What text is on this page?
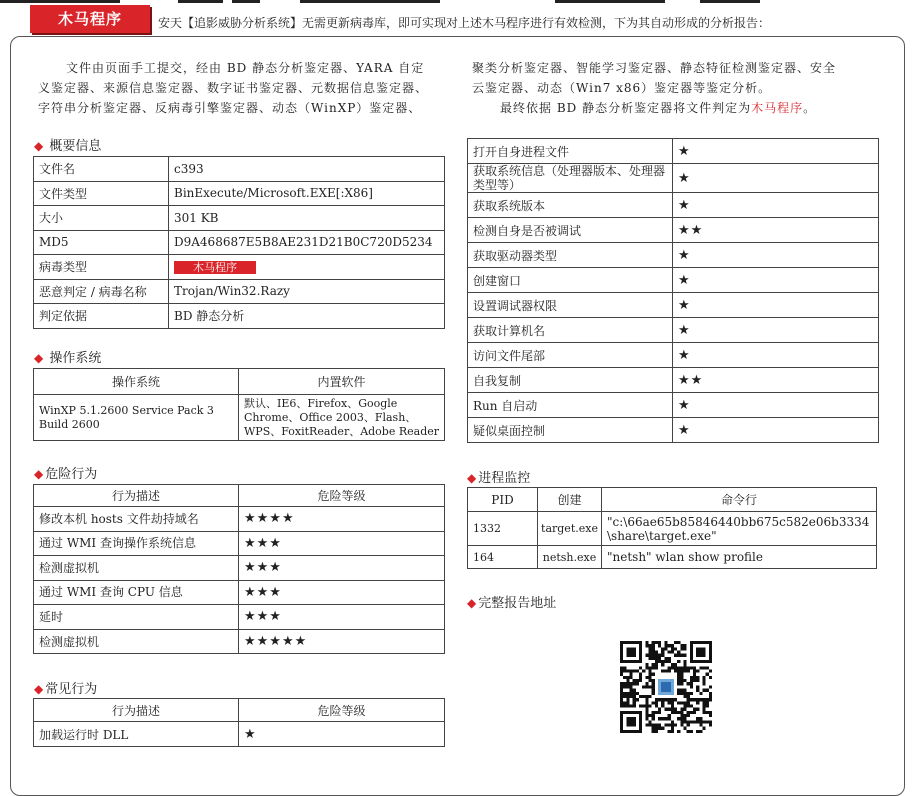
木马程序	安天【追影威胁分析系统】无需更新病毒库，即可实现对上述木马程序进行有效检测，下为其自动形成的分析报告：

文件由页面手工提交，经由 BD 静态分析鉴定器、YARA 自定

义鉴定器、来源信息鉴定器、数字证书鉴定器、元数据信息鉴定器、

字符串分析鉴定器、反病毒引擎鉴定器、动态（WinXP）鉴定器、

聚类分析鉴定器、智能学习鉴定器、静态特征检测鉴定器、安全

云鉴定器、动态（Win7 x86）鉴定器等鉴定分析。

最终依据 BD 静态分析鉴定器将文件判定为木马程序。

◆ 概要信息
文件名	c393
文件类型	BinExecute/Microsoft.EXE[:X86]
大小	301 KB
MD5	D9A468687E5B8AE231D21B0C720D5234
病毒类型	木马程序
恶意判定 / 病毒名称	Trojan/Win32.Razy
判定依据	BD 静态分析
◆ 操作系统
操作系统	内置软件
WinXP 5.1.2600 Service Pack 3 Build 2600	默认、IE6、Firefox、Google Chrome、Office 2003、Flash、WPS、FoxitReader、Adobe Reader
◆ 危险行为
行为描述	危险等级
修改本机 hosts 文件劫持域名	★★★★
通过 WMI 查询操作系统信息	★★★
检测虚拟机	★★★
通过 WMI 查询 CPU 信息	★★★
延时	★★★
检测虚拟机	★★★★★
◆ 常见行为
行为描述	危险等级
加载运行时 DLL	★
打开自身进程文件	★
获取系统信息（处理器版本、处理器类型等）	★
获取系统版本	★
检测自身是否被调试	★★
获取驱动器类型	★
创建窗口	★
设置调试器权限	★
获取计算机名	★
访问文件尾部	★
自我复制	★★
Run 自启动	★
疑似桌面控制	★
◆ 进程监控
PID	创建	命令行
1332	target.exe	"c:\66ae65b85846440bb675c582e06b3334\share\target.exe"
164	netsh.exe	"netsh" wlan show profile
◆ 完整报告地址
